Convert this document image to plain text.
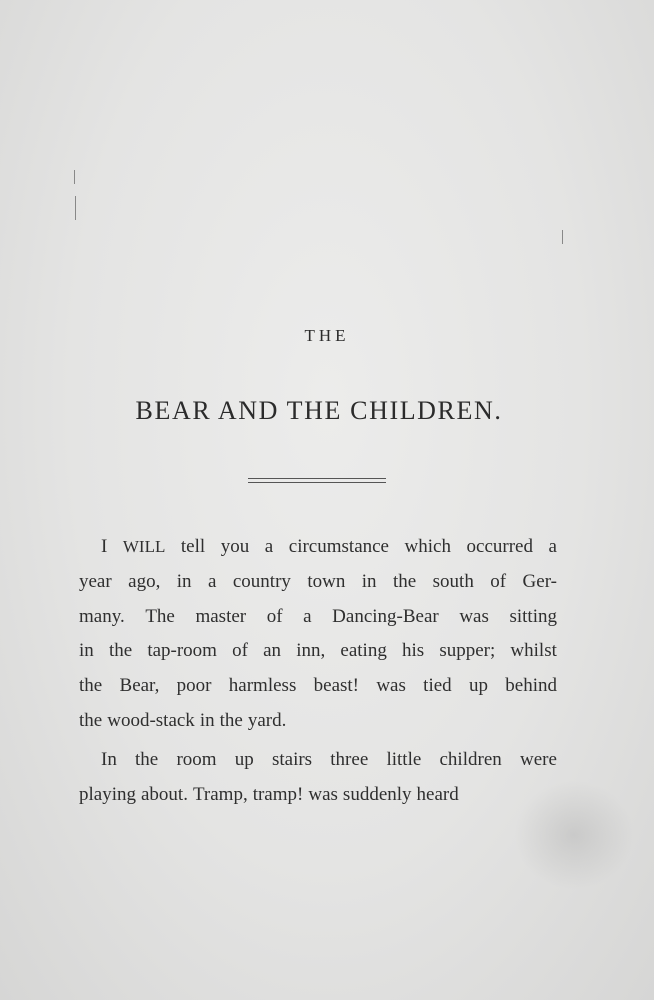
THE
BEAR AND THE CHILDREN.
I WILL tell you a circumstance which occurred a
year ago, in a country town in the south of Ger-
many. The master of a Dancing-Bear was sitting
in the tap-room of an inn, eating his supper; whilst
the Bear, poor harmless beast! was tied up behind
the wood-stack in the yard.
In the room up stairs three little children were
playing about. Tramp, tramp! was suddenly heard
